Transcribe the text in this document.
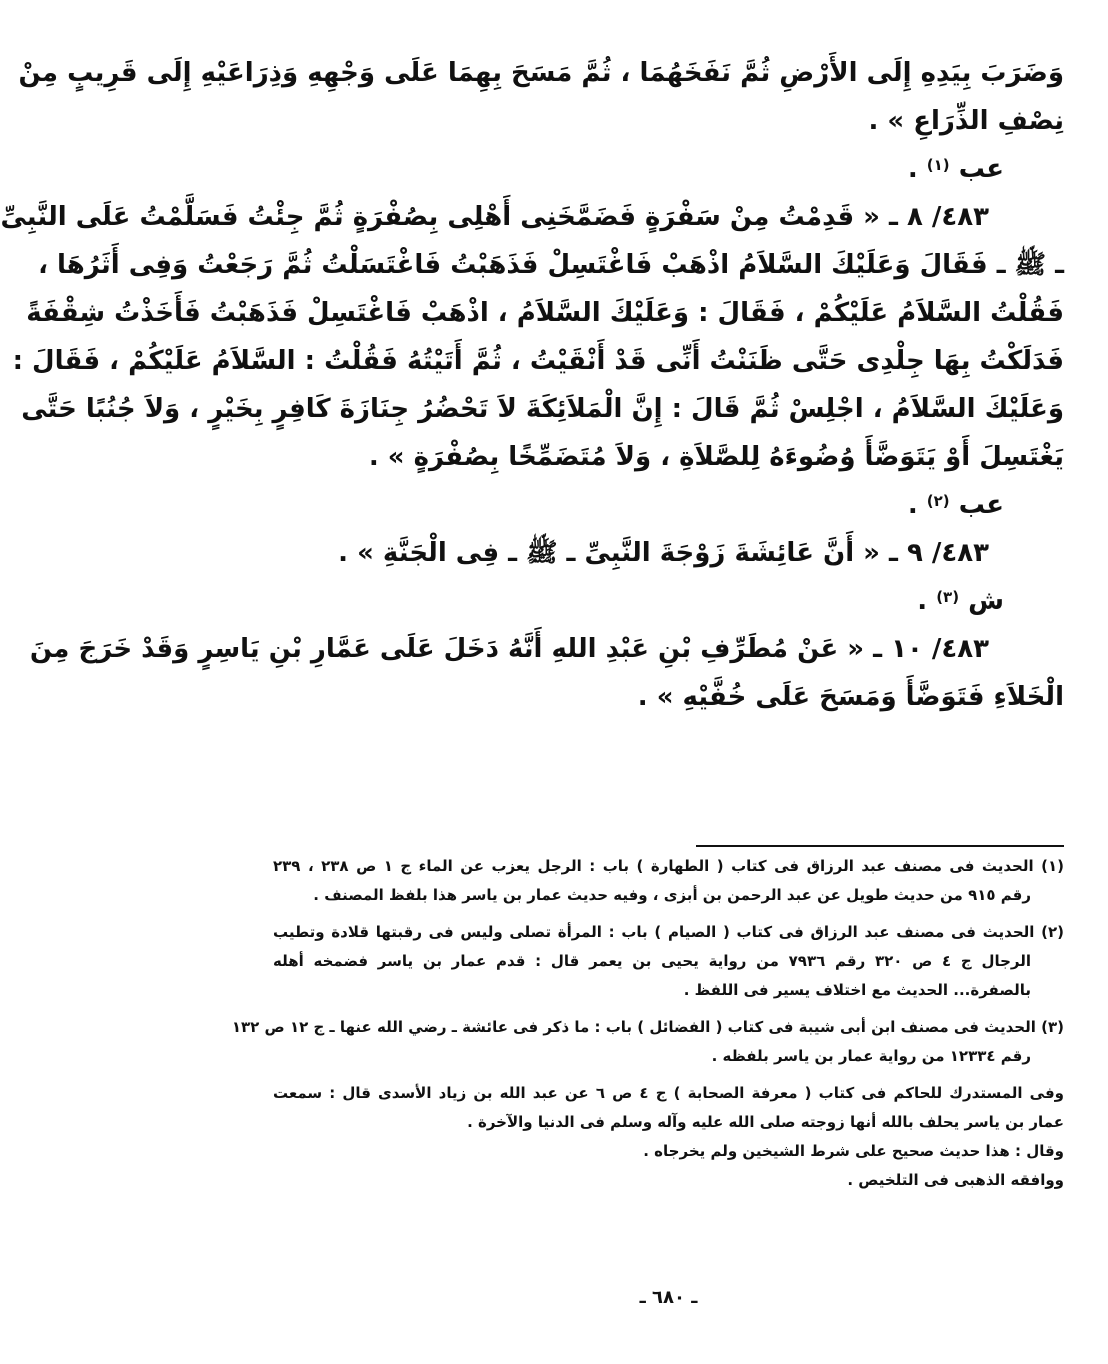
وَضَرَبَ بِيَدِهِ إِلَى الأَرْضِ ثُمَّ نَفَخَهُمَا ، ثُمَّ مَسَحَ بِهِمَا عَلَى وَجْهِهِ وَذِرَاعَيْهِ إِلَى قَرِيبٍ مِنْ
نِصْفِ الذِّرَاعِ » .
عب $^{(١)}$ .
٤٨٣/ ٨ ـ « قَدِمْتُ مِنْ سَفْرَةٍ فَضَمَّخَنِى أَهْلِى بِصُفْرَةٍ ثُمَّ جِئْتُ فَسَلَّمْتُ عَلَى النَّبِىِّ
ـ ﷺ ـ فَقَالَ وَعَلَيْكَ السَّلاَمُ اذْهَبْ فَاغْتَسِلْ فَذَهَبْتُ فَاغْتَسَلْتُ ثُمَّ رَجَعْتُ وَفِى أَثَرُهَا ،
فَقُلْتُ السَّلاَمُ عَلَيْكُمْ ، فَقَالَ : وَعَلَيْكَ السَّلاَمُ ، اذْهَبْ فَاغْتَسِلْ فَذَهَبْتُ فَأَخَذْتُ شِقْفَةً
فَدَلَكْتُ بِهَا جِلْدِى حَتَّى ظَنَنْتُ أَنِّى قَدْ أَنْقَيْتُ ، ثُمَّ أَتَيْتُهُ فَقُلْتُ : السَّلاَمُ عَلَيْكُمْ ، فَقَالَ :
وَعَلَيْكَ السَّلاَمُ ، اجْلِسْ ثُمَّ قَالَ : إِنَّ الْمَلاَئِكَةَ لاَ تَحْضُرُ جِنَازَةَ كَافِرٍ بِخَيْرٍ ، وَلاَ جُنُبًا حَتَّى
يَغْتَسِلَ أَوْ يَتَوَضَّأَ وُضُوءَهُ لِلصَّلاَةِ ، وَلاَ مُتَضَمِّخًا بِصُفْرَةٍ » .
عب $^{(٢)}$ .
٤٨٣/ ٩ ـ « أَنَّ عَائِشَةَ زَوْجَةَ النَّبِىِّ ـ ﷺ ـ فِى الْجَنَّةِ » .
ش $^{(٣)}$ .
٤٨٣/ ١٠ ـ « عَنْ مُطَرِّفِ بْنِ عَبْدِ اللهِ أَنَّهُ دَخَلَ عَلَى عَمَّارِ بْنِ يَاسِرٍ وَقَدْ خَرَجَ مِنَ
الْخَلاَءِ فَتَوَضَّأَ وَمَسَحَ عَلَى خُفَّيْهِ » .
(١) الحديث فى مصنف عبد الرزاق فى كتاب ( الطهارة ) باب : الرجل يعزب عن الماء ج ١ ص ٢٣٨ ، ٢٣٩
رقم ٩١٥ من حديث طويل عن عبد الرحمن بن أبزى ، وفيه حديث عمار بن ياسر هذا بلفظ المصنف .
(٢) الحديث فى مصنف عبد الرزاق فى كتاب ( الصيام ) باب : المرأة تصلى وليس فى رقبتها قلادة وتطيب
الرجال ج ٤ ص ٣٢٠ رقم ٧٩٣٦ من رواية يحيى بن يعمر قال : قدم عمار بن ياسر فضمخه أهله
بالصفرة... الحديث مع اختلاف يسير فى اللفظ .
(٣) الحديث فى مصنف ابن أبى شيبة فى كتاب ( الفضائل ) باب : ما ذكر فى عائشة ـ رضي الله عنها ـ ج ١٢ ص ١٣٢
رقم ١٢٣٣٤ من رواية عمار بن ياسر بلفظه .
وفى المستدرك للحاكم فى كتاب ( معرفة الصحابة ) ج ٤ ص ٦ عن عبد الله بن زياد الأسدى قال : سمعت
عمار بن ياسر يحلف بالله أنها زوجته صلى الله عليه وآله وسلم فى الدنيا والآخرة .
وقال : هذا حديث صحيح على شرط الشيخين ولم يخرجاه .
ووافقه الذهبى فى التلخيص .
ـ ٦٨٠ ـ
